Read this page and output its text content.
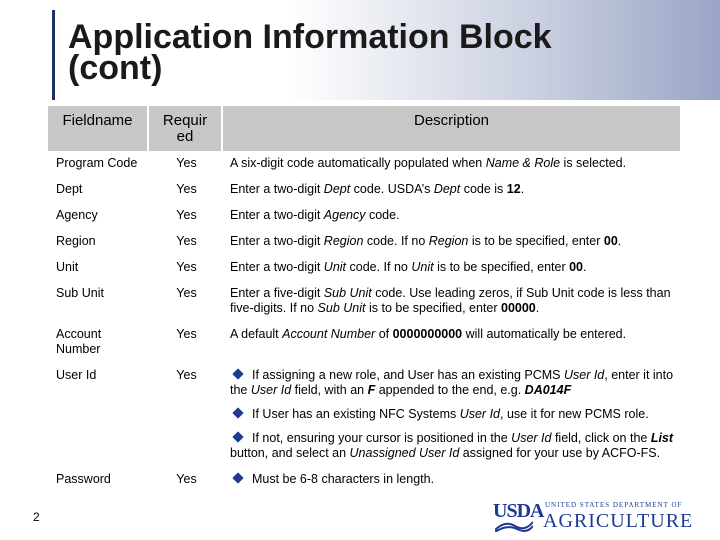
Application Information Block
(cont)
Fieldname	Requir ed	Description
Program Code	Yes	A six-digit code automatically populated when Name & Role is selected.
Dept	Yes	Enter a two-digit Dept code. USDA’s Dept code is 12.
Agency	Yes	Enter a two-digit Agency code.
Region	Yes	Enter a two-digit Region code. If no Region is to be specified, enter 00.
Unit	Yes	Enter a two-digit Unit code. If no Unit is to be specified, enter 00.
Sub Unit	Yes	Enter a five-digit Sub Unit code. Use leading zeros, if Sub Unit code is less than five-digits. If no Sub Unit is to be specified, enter 00000.
Account Number	Yes	A default Account Number of 0000000000 will automatically be entered.
User Id	Yes	If assigning a new role, and User has an existing PCMS User Id, enter it into the User Id field, with an F appended to the end, e.g. DA014F
If User has an existing NFC Systems User Id, use it for new PCMS role.
If not, ensuring your cursor is positioned in the User Id field, click on the List button, and select an Unassigned User Id assigned for your use by ACFO-FS.

Password	Yes	Must be 6-8 characters in length.
2	USDA UNITED STATES DEPARTMENT OF
AGRICULTURE
